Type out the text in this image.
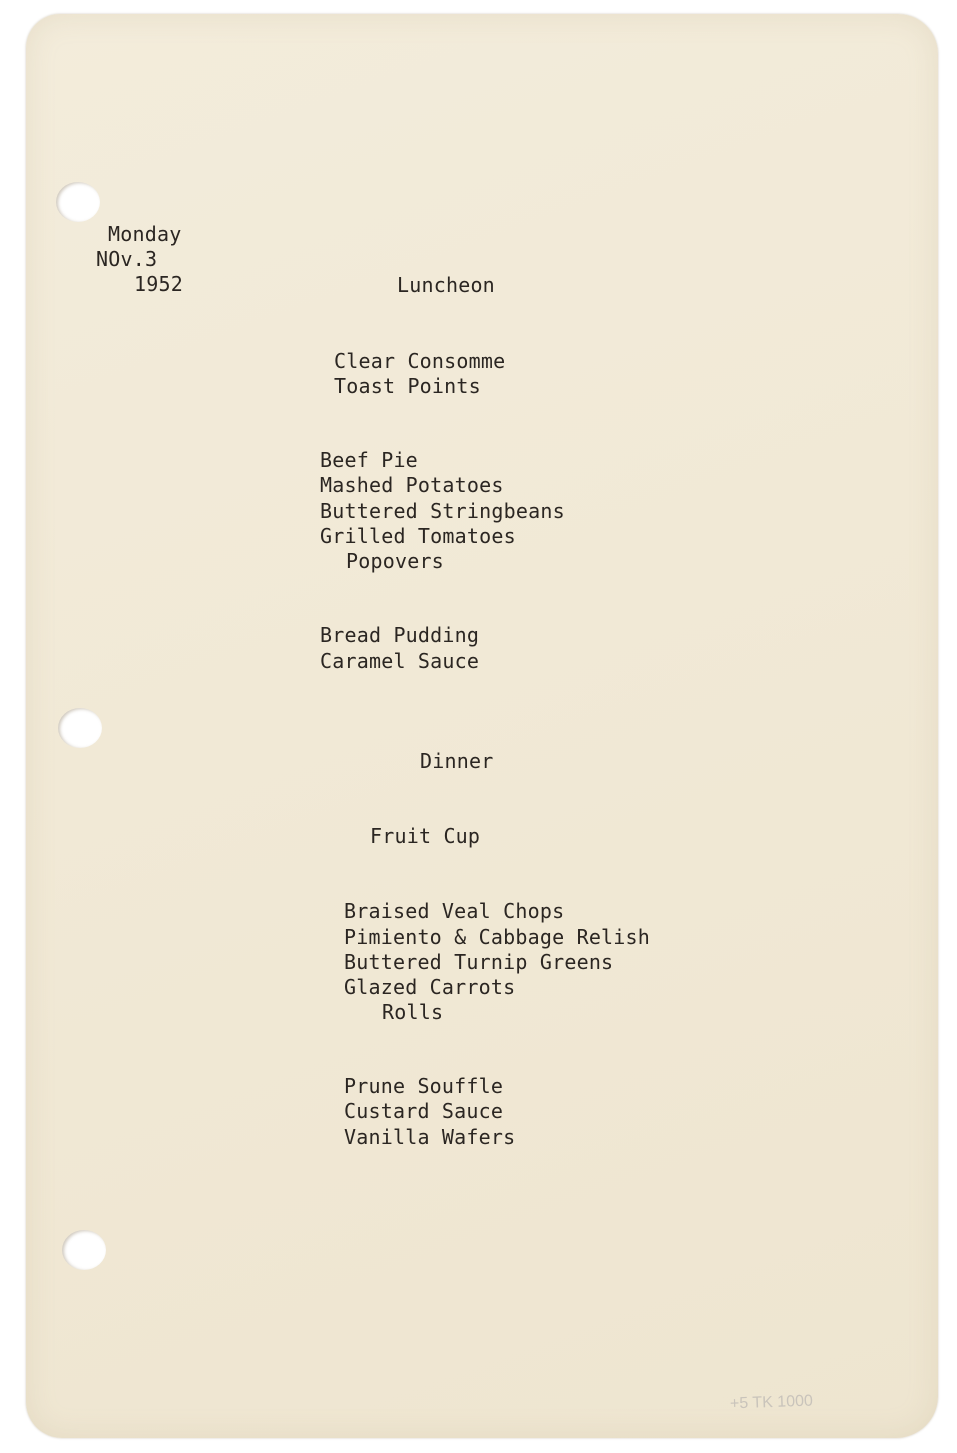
Monday
NOv.3
1952	Luncheon
Clear Consomme
Toast Points
Beef Pie
Mashed Potatoes
Buttered Stringbeans
Grilled Tomatoes
Popovers
Bread Pudding
Caramel Sauce
Dinner
Fruit Cup
Braised Veal Chops
Pimiento & Cabbage Relish
Buttered Turnip Greens
Glazed Carrots
Rolls
Prune Souffle
Custard Sauce
Vanilla Wafers
+5 TK 1000
